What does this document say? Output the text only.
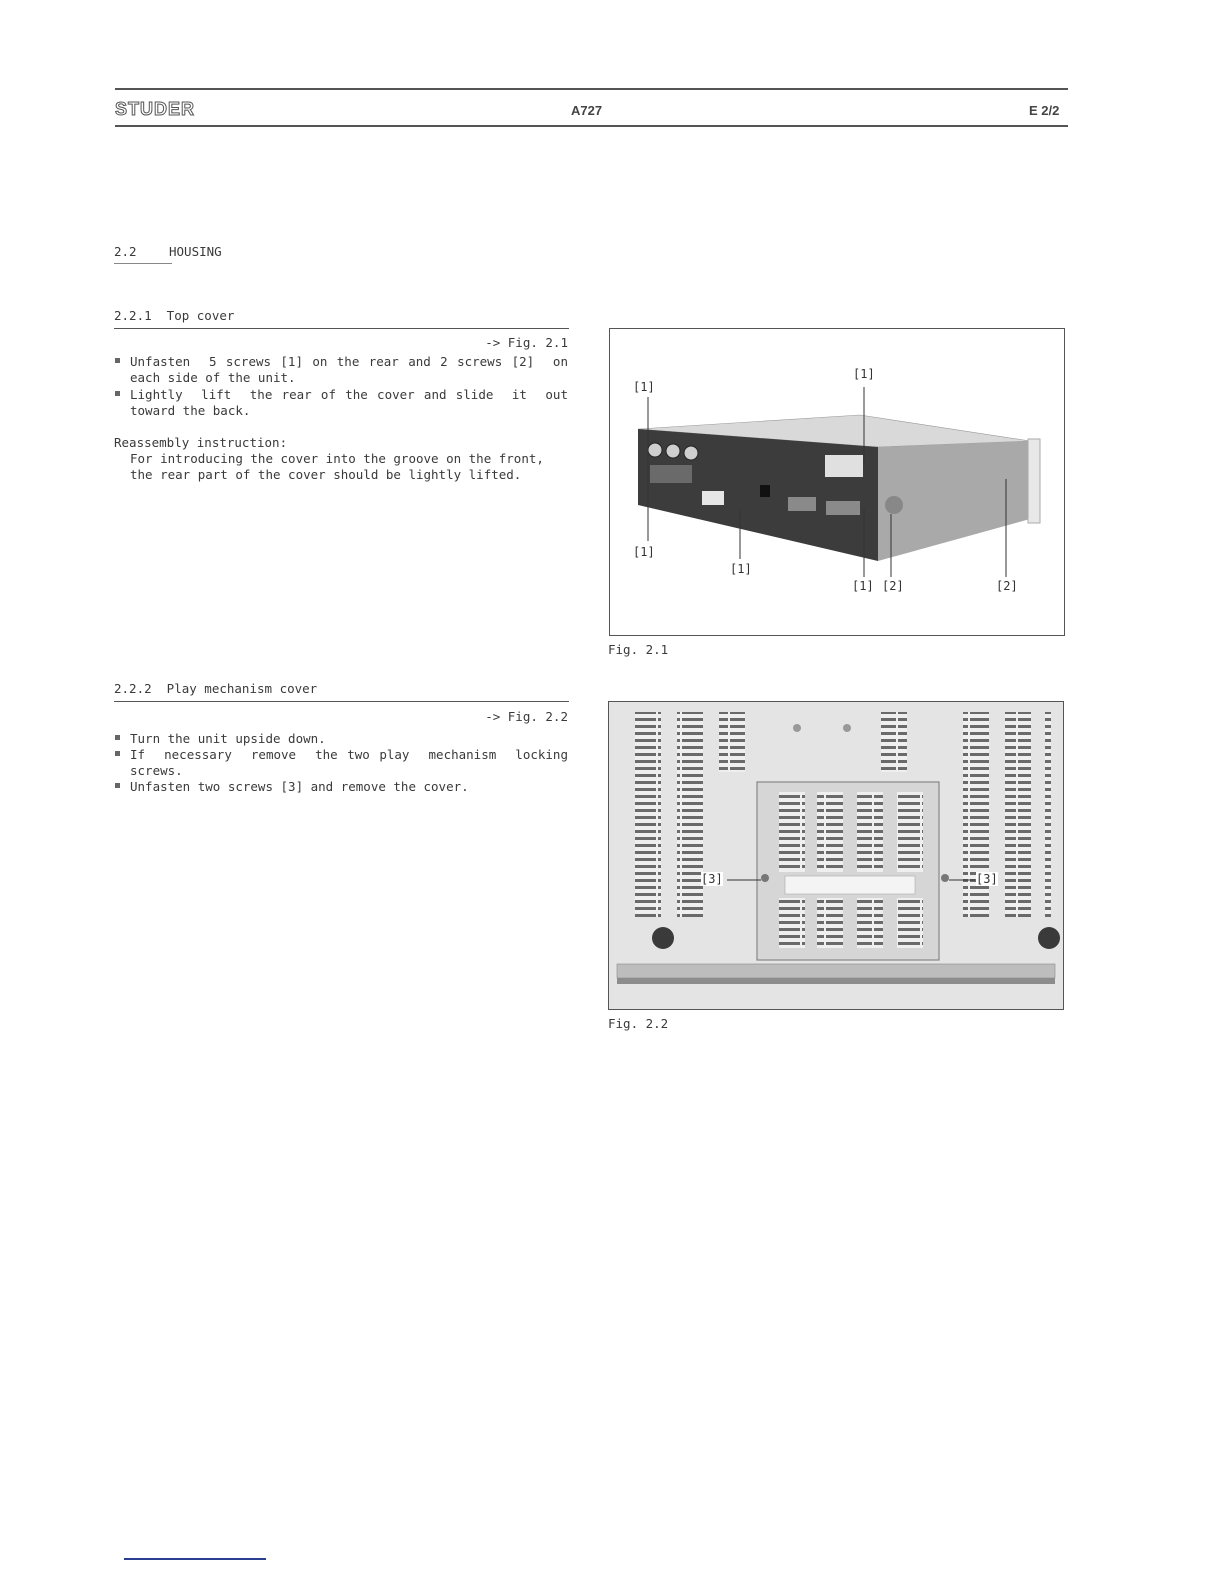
STUDER	A727	E 2/2
2.2	HOUSING
2.2.1  Top cover
-> Fig. 2.1
Unfasten  5 screws [1] on the rear and 2 screws [2]  on
each side of the unit.
Lightly  lift  the rear of the cover and slide  it  out
toward the back.
Reassembly instruction:
For introducing the cover into the groove on the front,
the rear part of the cover should be lightly lifted.
[1]
[1]
[1]
[1]
[1] [2]	[2]
Fig. 2.1
2.2.2  Play mechanism cover
-> Fig. 2.2
Turn the unit upside down.
If  necessary  remove  the two play  mechanism  locking
screws.
Unfasten two screws [3] and remove the cover.
[3]	[3]
Fig. 2.2
